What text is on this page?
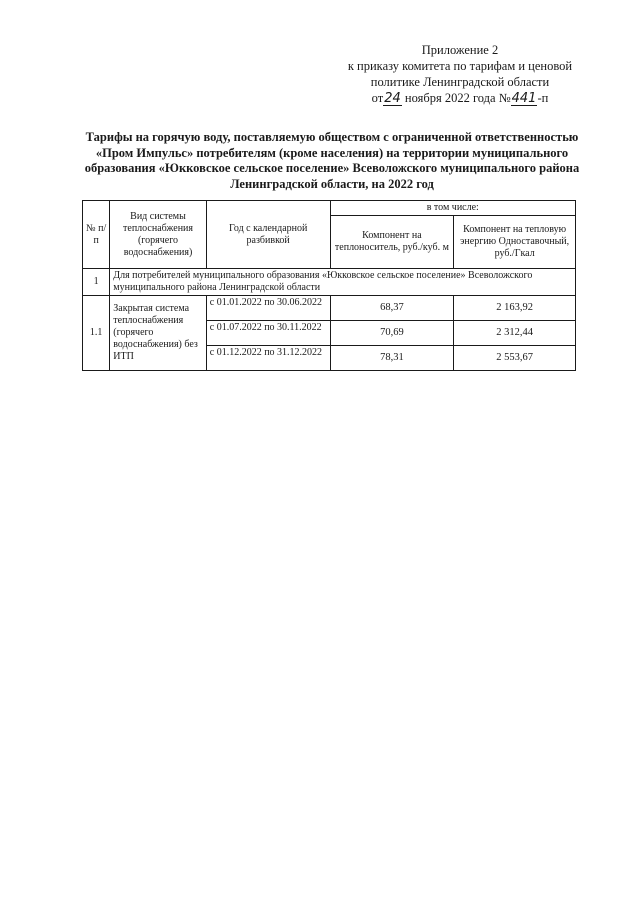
Приложение 2
к приказу комитета по тарифам и ценовой
политике Ленинградской области
от24 ноября 2022 года №441-п
Тарифы на горячую воду, поставляемую обществом с ограниченной ответственностью
«Пром Импульс» потребителям (кроме населения) на территории муниципального
образования «Юкковское сельское поселение» Всеволожского муниципального района
Ленинградской области, на 2022 год
№ п/п	Вид системы теплоснабжения (горячего водоснабжения)	Год с календарной разбивкой	в том числе:	
			Компонент на теплоноситель, руб./куб. м	Компонент на тепловую энергию Одноставочный, руб./Гкал
1	Для потребителей муниципального образования «Юкковское сельское поселение» Всеволожского муниципального района Ленинградской области			
1.1	Закрытая система теплоснабжения (горячего водоснабжения) без ИТП	с 01.01.2022 по 30.06.2022	68,37	2 163,92
		с 01.07.2022 по 30.11.2022	70,69	2 312,44
		с 01.12.2022 по 31.12.2022	78,31	2 553,67
